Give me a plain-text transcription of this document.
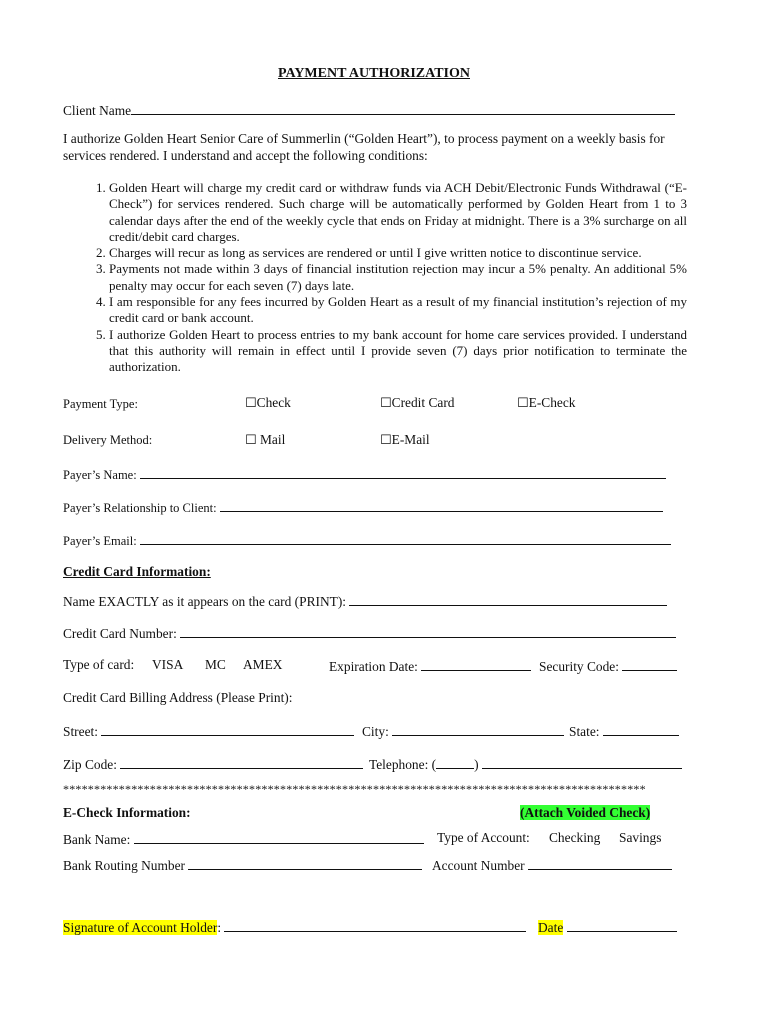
PAYMENT AUTHORIZATION
Client Name
I authorize Golden Heart Senior Care of Summerlin (“Golden Heart”), to process payment on a weekly basis for services rendered. I understand and accept the following conditions:
1. Golden Heart will charge my credit card or withdraw funds via ACH Debit/Electronic Funds Withdrawal (“E-Check”) for services rendered. Such charge will be automatically performed by Golden Heart from 1 to 3 calendar days after the end of the weekly cycle that ends on Friday at midnight. There is a 3% surcharge on all credit/debit card charges.
2. Charges will recur as long as services are rendered or until I give written notice to discontinue service.
3. Payments not made within 3 days of financial institution rejection may incur a 5% penalty. An additional 5% penalty may occur for each seven (7) days late.
4. I am responsible for any fees incurred by Golden Heart as a result of my financial institution’s rejection of my credit card or bank account.
5. I authorize Golden Heart to process entries to my bank account for home care services provided. I understand that this authority will remain in effect until I provide seven (7) days prior notification to terminate the authorization.
Payment Type:	☐Check	☐Credit Card	☐E-Check
Delivery Method:	☐ Mail	☐E-Mail
Payer’s Name:
Payer’s Relationship to Client:
Payer’s Email:
Credit Card Information:
Name EXACTLY as it appears on the card (PRINT):
Credit Card Number:
Type of card: VISA MC AMEX	Expiration Date:	Security Code:
Credit Card Billing Address (Please Print):
Street:	City:	State:
Zip Code:	Telephone: (	)
**********************************************************************************************
E-Check Information:	(Attach Voided Check)
Bank Name:	Type of Account: Checking Savings
Bank Routing Number	Account Number
Signature of Account Holder:	Date
